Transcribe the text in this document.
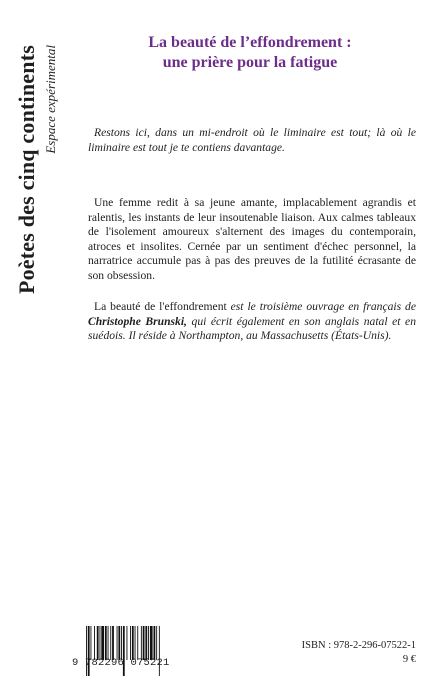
Poètes des cinq continents Espace expérimental
La beauté de l’effondrement :
une prière pour la fatigue

Restons ici, dans un mi-endroit où le liminaire est tout; là où le liminaire est tout je te contiens davantage.

Une femme redit à sa jeune amante, implacablement agrandis et ralentis, les instants de leur insoutenable liaison. Aux calmes tableaux de l'isolement amoureux s'alternent des images du contemporain, atroces et insolites. Cernée par un sentiment d'échec personnel, la narratrice accumule pas à pas des preuves de la futilité écrasante de son obsession.

La beauté de l'effondrement est le troisième ouvrage en français de Christophe Brunski, qui écrit également en son anglais natal et en suédois. Il réside à Northampton, au Massachusetts (États-Unis).

9 782296 075221
ISBN : 978-2-296-07522-1
9 €
